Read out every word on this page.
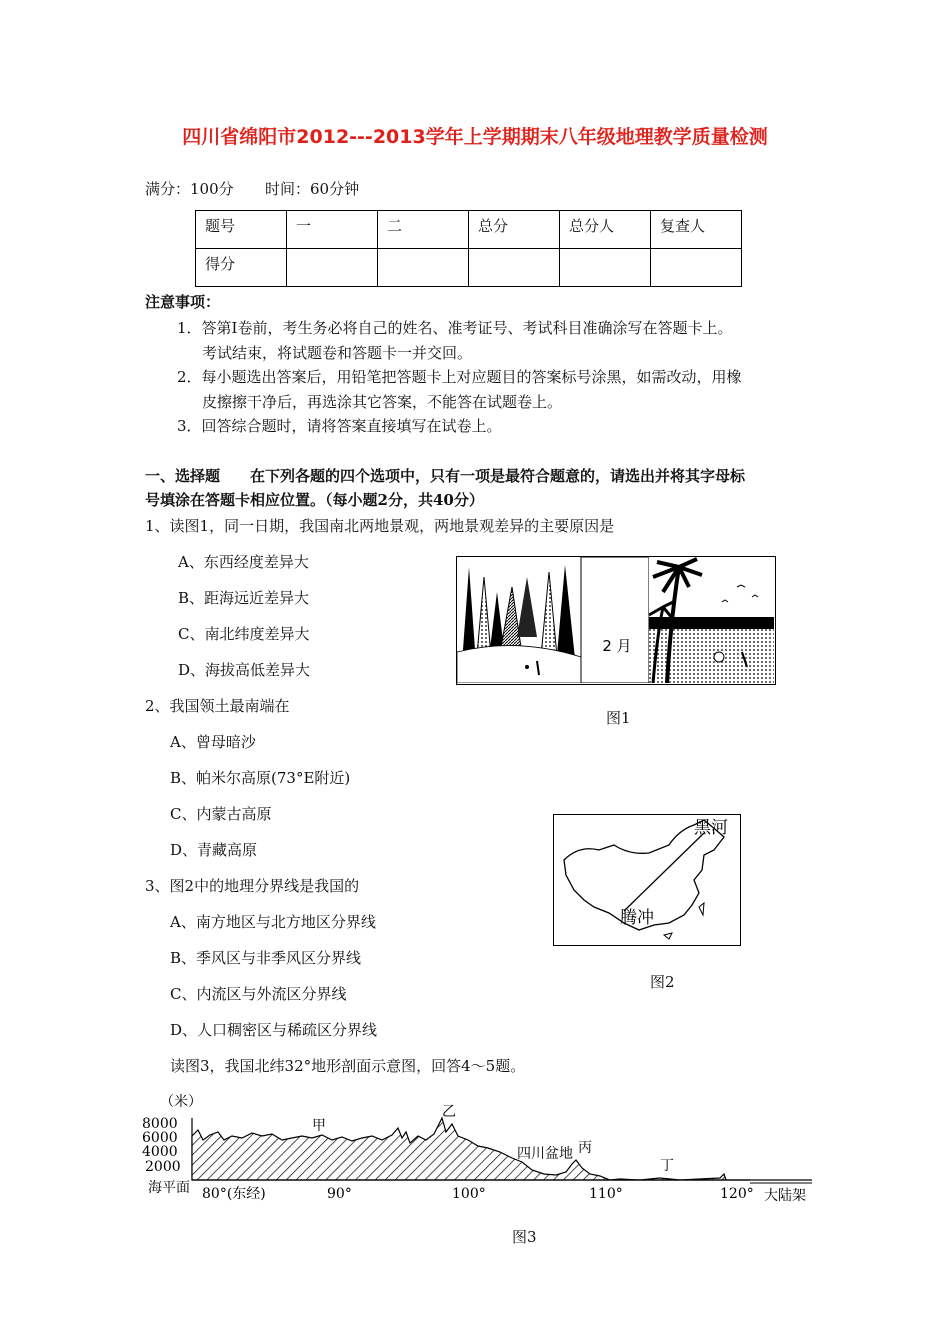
四川省绵阳市2012---2013学年上学期期末八年级地理教学质量检测
满分：100分 时间：60分钟
题号	一	二	总分	总分人	复查人
得分					
注意事项：
1．答第Ⅰ卷前，考生务必将自己的姓名、准考证号、考试科目准确涂写在答题卡上。
考试结束，将试题卷和答题卡一并交回。
2．每小题选出答案后，用铅笔把答题卡上对应题目的答案标号涂黑，如需改动，用橡
皮擦擦干净后，再选涂其它答案，不能答在试题卷上。
3．回答综合题时，请将答案直接填写在试卷上。
一、选择题　　在下列各题的四个选项中，只有一项是最符合题意的，请选出并将其字母标
号填涂在答题卡相应位置。（每小题2分，共40分）
1、读图1，同一日期，我国南北两地景观，两地景观差异的主要原因是
A、东西经度差异大
B、距海远近差异大
C、南北纬度差异大
D、海拔高低差异大
2 月
图1
2、我国领土最南端在
A、曾母暗沙
B、帕米尔高原(73°E附近)
C、内蒙古高原
D、青藏高原
黑河
腾冲
图2
3、图2中的地理分界线是我国的
A、南方地区与北方地区分界线
B、季风区与非季风区分界线
C、内流区与外流区分界线
D、人口稠密区与稀疏区分界线
读图3，我国北纬32°地形剖面示意图，回答4～5题。
（米）
8000
6000
4000
2000
海平面
甲
乙
丙
丁
四川盆地
80°(东经)	90°	100°	110°	120° 大陆架
图3
